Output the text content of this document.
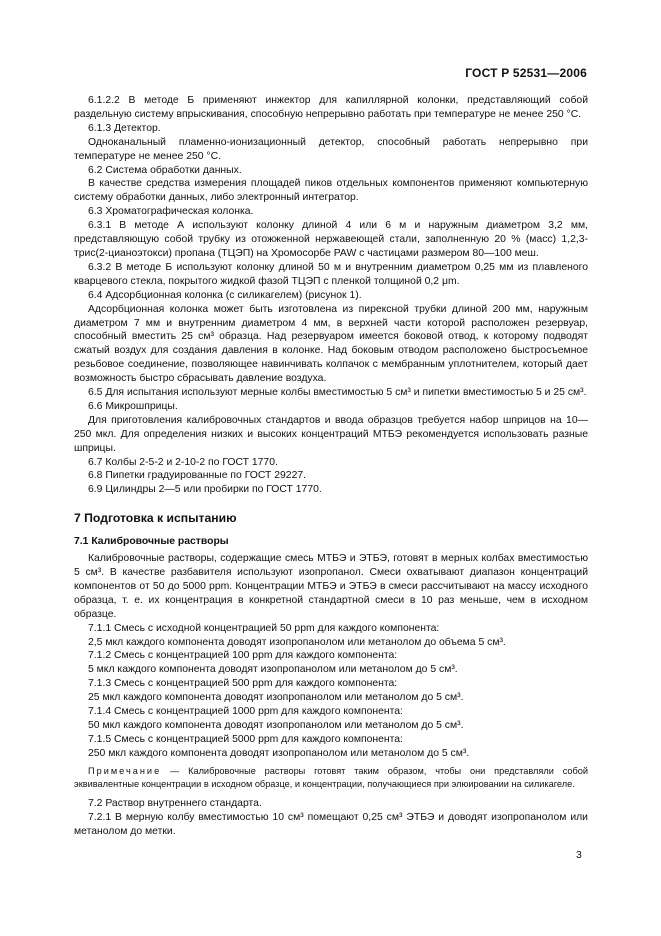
ГОСТ Р 52531—2006

6.1.2.2 В методе Б применяют инжектор для капиллярной колонки, представляющий собой раздельную систему впрыскивания, способную непрерывно работать при температуре не менее 250 °С.

6.1.3 Детектор.

Одноканальный пламенно-ионизационный детектор, способный работать непрерывно при температуре не менее 250 °С.

6.2 Система обработки данных.

В качестве средства измерения площадей пиков отдельных компонентов применяют компьютерную систему обработки данных, либо электронный интегратор.

6.3 Хроматографическая колонка.

6.3.1 В методе А используют колонку длиной 4 или 6 м и наружным диаметром 3,2 мм, представляющую собой трубку из отожженной нержавеющей стали, заполненную 20 % (масс) 1,2,3-трис(2-цианоэтокси) пропана (ТЦЭП) на Хромосорбе PAW с частицами размером 80—100 меш.

6.3.2 В методе Б используют колонку длиной 50 м и внутренним диаметром 0,25 мм из плавленого кварцевого стекла, покрытого жидкой фазой ТЦЭП с пленкой толщиной 0,2 μm.

6.4 Адсорбционная колонка (с силикагелем) (рисунок 1).

Адсорбционная колонка может быть изготовлена из пирексной трубки длиной 200 мм, наружным диаметром 7 мм и внутренним диаметром 4 мм, в верхней части которой расположен резервуар, способный вместить 25 см³ образца. Над резервуаром имеется боковой отвод, к которому подводят сжатый воздух для создания давления в колонке. Над боковым отводом расположено быстросъемное резьбовое соединение, позволяющее навинчивать колпачок с мембранным уплотнителем, который дает возможность быстро сбрасывать давление воздуха.

6.5 Для испытания используют мерные колбы вместимостью 5 см³ и пипетки вместимостью 5 и 25 см³.

6.6 Микрошприцы.

Для приготовления калибровочных стандартов и ввода образцов требуется набор шприцов на 10—250 мкл. Для определения низких и высоких концентраций МТБЭ рекомендуется использовать разные шприцы.

6.7 Колбы 2-5-2 и 2-10-2 по ГОСТ 1770.

6.8 Пипетки градуированные по ГОСТ 29227.

6.9 Цилиндры 2—5 или пробирки по ГОСТ 1770.

7 Подготовка к испытанию

7.1 Калибровочные растворы

Калибровочные растворы, содержащие смесь МТБЭ и ЭТБЭ, готовят в мерных колбах вместимостью 5 см³. В качестве разбавителя используют изопропанол. Смеси охватывают диапазон концентраций компонентов от 50 до 5000 ppm. Концентрации МТБЭ и ЭТБЭ в смеси рассчитывают на массу исходного образца, т. е. их концентрация в конкретной стандартной смеси в 10 раз меньше, чем в исходном образце.

7.1.1 Смесь с исходной концентрацией 50 ppm для каждого компонента:

2,5 мкл каждого компонента доводят изопропанолом или метанолом до объема 5 см³.

7.1.2 Смесь с концентрацией 100 ppm для каждого компонента:

5 мкл каждого компонента доводят изопропанолом или метанолом до 5 см³.

7.1.3 Смесь с концентрацией 500 ppm для каждого компонента:

25 мкл каждого компонента доводят изопропанолом или метанолом до 5 см³.

7.1.4 Смесь с концентрацией 1000 ppm для каждого компонента:

50 мкл каждого компонента доводят изопропанолом или метанолом до 5 см³.

7.1.5 Смесь с концентрацией 5000 ppm для каждого компонента:

250 мкл каждого компонента доводят изопропанолом или метанолом до 5 см³.

Примечание — Калибровочные растворы готовят таким образом, чтобы они представляли собой эквивалентные концентрации в исходном образце, и концентрации, получающиеся при элюировании на силикагеле.

7.2 Раствор внутреннего стандарта.

7.2.1 В мерную колбу вместимостью 10 см³ помещают 0,25 см³ ЭТБЭ и доводят изопропанолом или метанолом до метки.

3
